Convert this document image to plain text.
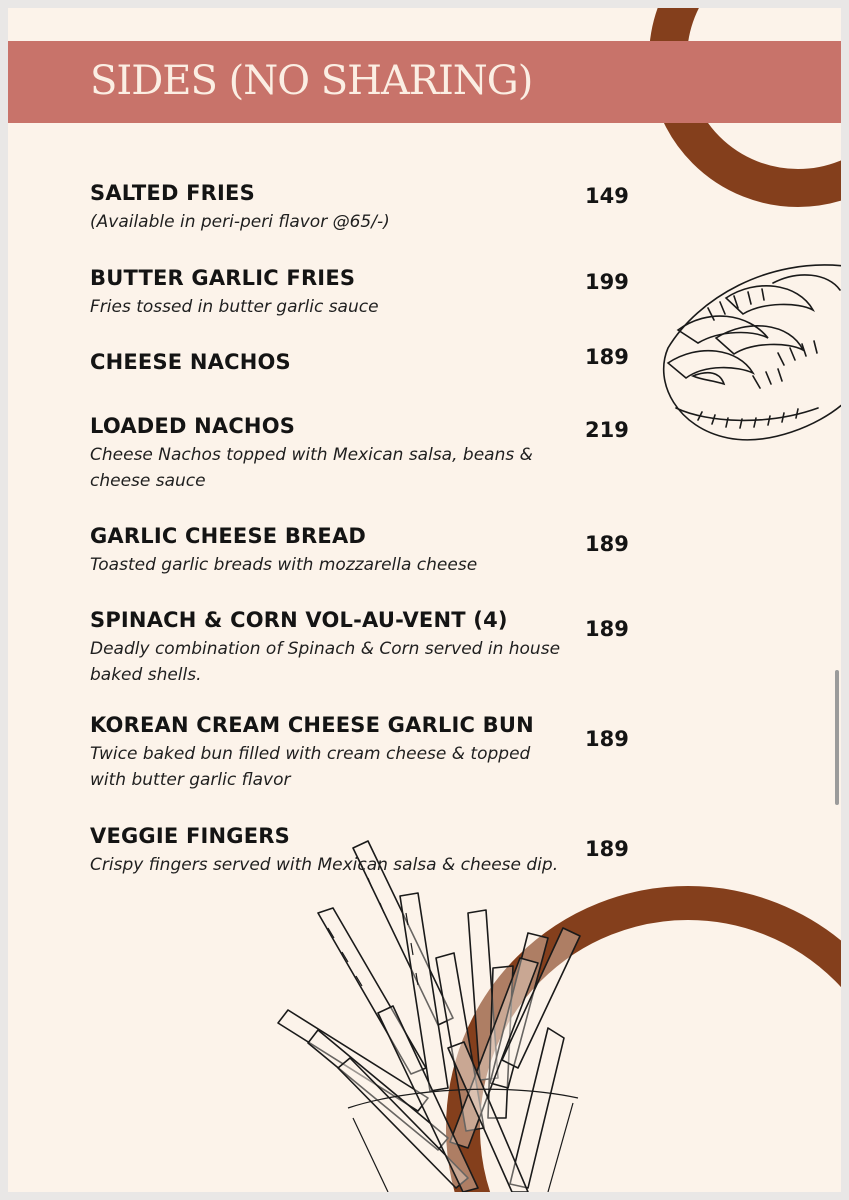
SIDES (NO SHARING)
SALTED FRIES
(Available in peri-peri flavor @65/-)
149
BUTTER GARLIC FRIES
Fries tossed in butter garlic sauce
199
CHEESE NACHOS	189
LOADED NACHOS
Cheese Nachos topped with Mexican salsa, beans & cheese sauce
219
GARLIC CHEESE BREAD
Toasted garlic breads with mozzarella cheese
189
SPINACH & CORN VOL-AU-VENT (4)
Deadly combination of Spinach & Corn served in house baked shells.
189
KOREAN CREAM CHEESE GARLIC BUN
Twice baked bun filled with cream cheese & topped with butter garlic flavor
189
VEGGIE FINGERS
Crispy fingers served with Mexican salsa & cheese dip.
189
